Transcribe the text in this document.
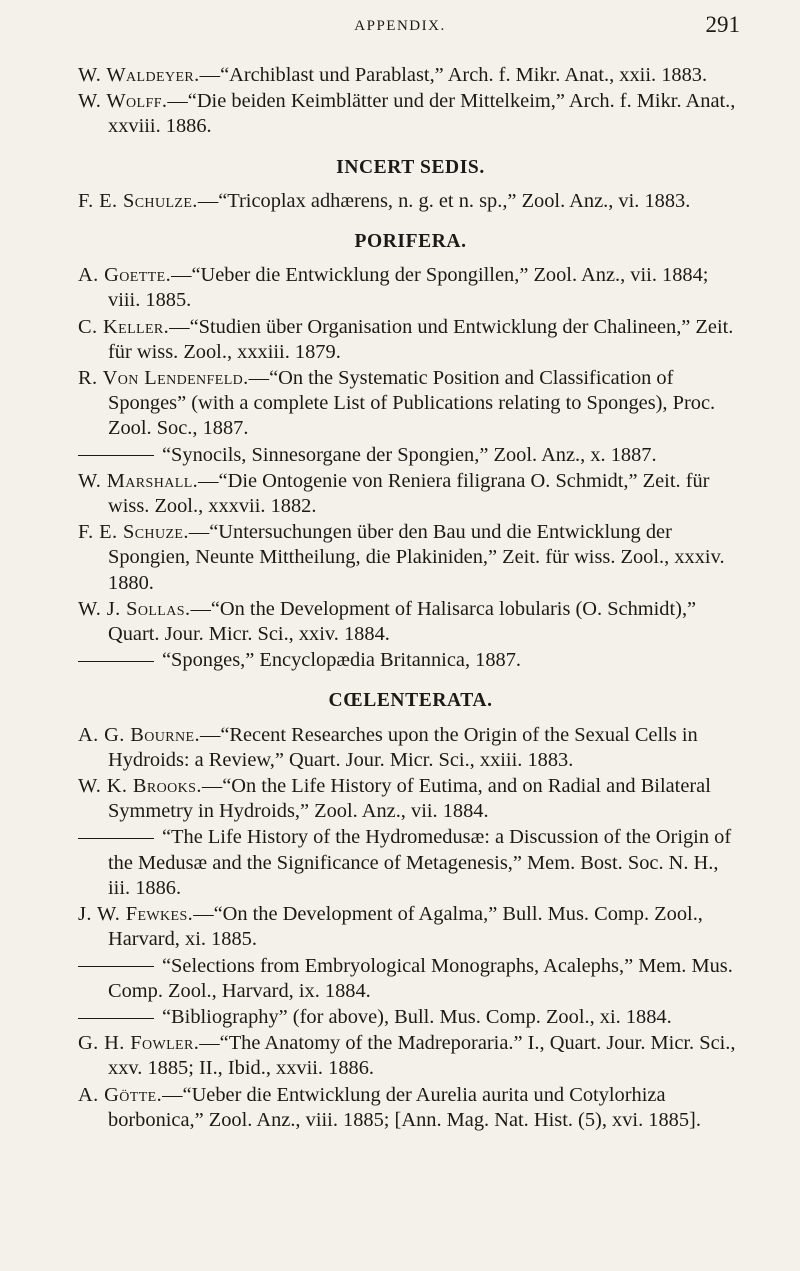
APPENDIX.	291
W. Waldeyer.—“Archiblast und Parablast,” Arch. f. Mikr. Anat., xxii. 1883.
W. Wolff.—“Die beiden Keimblätter und der Mittelkeim,” Arch. f. Mikr. Anat., xxviii. 1886.
INCERT SEDIS.
F. E. Schulze.—“Tricoplax adhærens, n. g. et n. sp.,” Zool. Anz., vi. 1883.
PORIFERA.
A. Goette.—“Ueber die Entwicklung der Spongillen,” Zool. Anz., vii. 1884; viii. 1885.
C. Keller.—“Studien über Organisation und Entwicklung der Chalineen,” Zeit. für wiss. Zool., xxxiii. 1879.
R. Von Lendenfeld.—“On the Systematic Position and Classification of Sponges” (with a complete List of Publications relating to Sponges), Proc. Zool. Soc., 1887.
“Synocils, Sinnesorgane der Spongien,” Zool. Anz., x. 1887.
W. Marshall.—“Die Ontogenie von Reniera filigrana O. Schmidt,” Zeit. für wiss. Zool., xxxvii. 1882.
F. E. Schuze.—“Untersuchungen über den Bau und die Entwicklung der Spongien, Neunte Mittheilung, die Plakiniden,” Zeit. für wiss. Zool., xxxiv. 1880.
W. J. Sollas.—“On the Development of Halisarca lobularis (O. Schmidt),” Quart. Jour. Micr. Sci., xxiv. 1884.
“Sponges,” Encyclopædia Britannica, 1887.
CŒLENTERATA.
A. G. Bourne.—“Recent Researches upon the Origin of the Sexual Cells in Hydroids: a Review,” Quart. Jour. Micr. Sci., xxiii. 1883.
W. K. Brooks.—“On the Life History of Eutima, and on Radial and Bilateral Symmetry in Hydroids,” Zool. Anz., vii. 1884.
“The Life History of the Hydromedusæ: a Discussion of the Origin of the Medusæ and the Significance of Metagenesis,” Mem. Bost. Soc. N. H., iii. 1886.
J. W. Fewkes.—“On the Development of Agalma,” Bull. Mus. Comp. Zool., Harvard, xi. 1885.
“Selections from Embryological Monographs, Acalephs,” Mem. Mus. Comp. Zool., Harvard, ix. 1884.
“Bibliography” (for above), Bull. Mus. Comp. Zool., xi. 1884.
G. H. Fowler.—“The Anatomy of the Madreporaria.” I., Quart. Jour. Micr. Sci., xxv. 1885; II., Ibid., xxvii. 1886.
A. Götte.—“Ueber die Entwicklung der Aurelia aurita und Cotylorhiza borbonica,” Zool. Anz., viii. 1885; [Ann. Mag. Nat. Hist. (5), xvi. 1885].
